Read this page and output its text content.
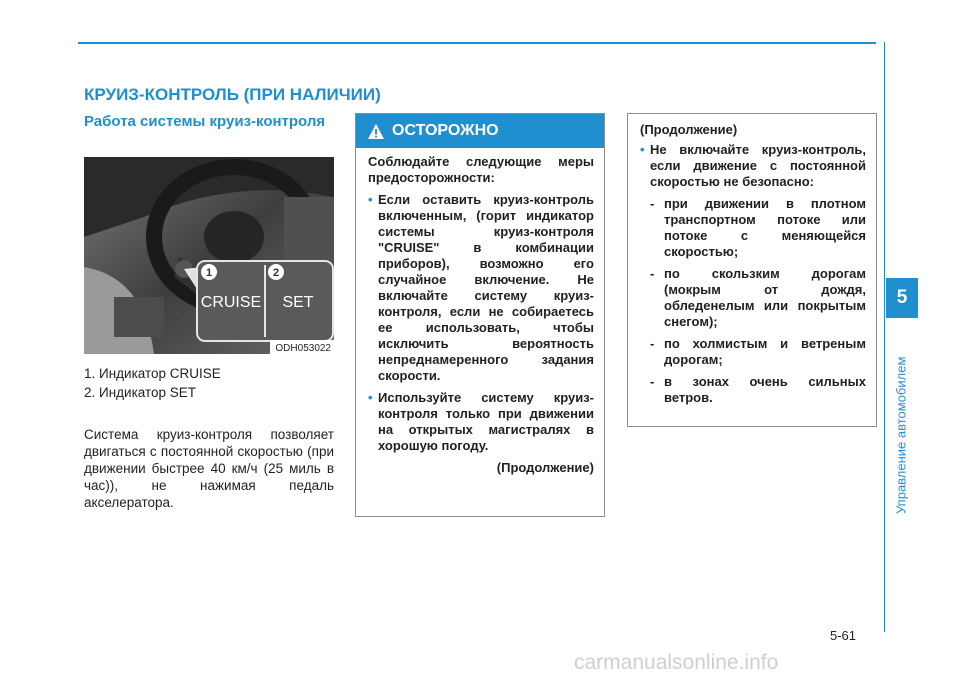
5
Управление автомобилем
КРУИЗ-КОНТРОЛЬ (ПРИ НАЛИЧИИ)
Работа системы круиз-контроля
1	2
CRUISE SET
ODH053022
1. Индикатор CRUISE
2. Индикатор SET
Система круиз-контроля позволяет двигаться с постоянной скоростью (при движении быстрее 40 км/ч (25 миль в час)), не нажимая педаль акселератора.
ОСТОРОЖНО

Соблюдайте следующие меры предосторожности:

• Если оставить круиз-контроль включенным, (горит индикатор системы круиз-контроля "CRUISE" в комбинации приборов), возможно его случайное включение. Не включайте систему круиз-контроля, если не собираетесь ее использовать, чтобы исключить вероятность непреднамеренного задания скорости.
• Используйте систему круиз-контроля только при движении на открытых магистралях в хорошую погоду.

(Продолжение)

(Продолжение)

• Не включайте круиз-контроль, если движение с постоянной скоростью не безопасно:
- при движении в плотном транспортном потоке или потоке с меняющейся скоростью;
- по скользким дорогам (мокрым от дождя, обледенелым или покрытым снегом);
- по холмистым и ветреным дорогам;
- в зонах очень сильных ветров.
5-61
carmanualsonline.info
